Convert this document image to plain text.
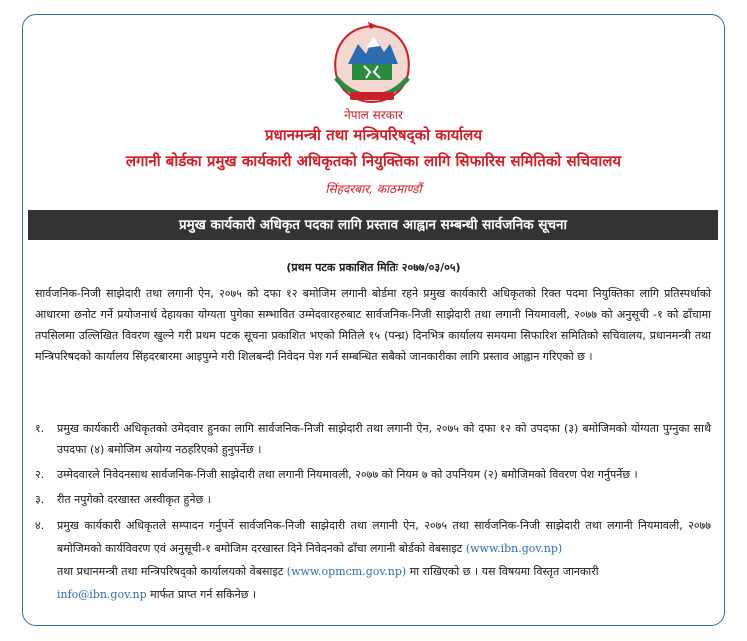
नेपाल सरकार
प्रधानमन्त्री तथा मन्त्रिपरिषद्को कार्यालय
लगानी बोर्डका प्रमुख कार्यकारी अधिकृतको नियुक्तिका लागि सिफारिस समितिको सचिवालय
सिंहदरबार, काठमाण्डौं
प्रमुख कार्यकारी अधिकृत पदका लागि प्रस्ताव आह्वान सम्बन्धी सार्वजनिक सूचना
(प्रथम पटक प्रकाशित मितिः २०७७/०३/०५)

सार्वजनिक-निजी साझेदारी तथा लगानी ऐन, २०७५ को दफा १२ बमोजिम लगानी बोर्डमा रहने प्रमुख कार्यकारी अधिकृतको रिक्त पदमा नियुक्तिका लागि प्रतिस्पर्धाको आधारमा छनोट गर्ने प्रयोजनार्थ देहायका योग्यता पुगेका सम्भावित उम्मेदवारहरुबाट सार्वजनिक-निजी साझेदारी तथा लगानी नियमावली, २०७७ को अनुसूची -१ को ढाँचामा तपसिलमा उल्लिखित विवरण खुल्ने गरी प्रथम पटक सूचना प्रकाशित भएको मितिले १५ (पन्ध्र) दिनभित्र कार्यालय समयमा सिफारिश समितिको सचिवालय, प्रधानमन्त्री तथा मन्त्रिपरिषदको कार्यालय सिंहदरबारमा आइपुग्ने गरी शिलबन्दी निवेदन पेश गर्न सम्बन्धित सबैको जानकारीका लागि प्रस्ताव आह्वान गरिएको छ ।

१. प्रमुख कार्यकारी अधिकृतको उमेदवार हुनका लागि सार्वजनिक-निजी साझेदारी तथा लगानी ऐन, २०७५ को दफा १२ को उपदफा (३) बमोजिमको योग्यता पुग्नुका साथै उपदफा (४) बमोजिम अयोग्य नठहरिएको हुनुपर्नेछ ।

२. उम्मेदवारले निवेदनसाथ सार्वजनिक-निजी साझेदारी तथा लगानी नियमावली, २०७७ को नियम ७ को उपनियम (२) बमोजिमको विवरण पेश गर्नुपर्नेछ ।

३. रीत नपुगेको दरखास्त अस्वीकृत हुनेछ ।

४. प्रमुख कार्यकारी अधिकृतले सम्पादन गर्नुपर्ने सार्वजनिक-निजी साझेदारी तथा लगानी ऐन, २०७५ तथा सार्वजनिक-निजी साझेदारी तथा लगानी नियमावली, २०७७ बमोजिमको कार्यविवरण एवं अनुसूची-१ बमोजिम दरखास्त दिने निवेदनको ढाँचा लगानी बोर्डको वेबसाइट (www.ibn.gov.np)
तथा प्रधानमन्त्री तथा मन्त्रिपरिषद्को कार्यालयको वेबसाइट (www.opmcm.gov.np) मा राखिएको छ । यस विषयमा विस्तृत जानकारी
info@ibn.gov.np मार्फत प्राप्त गर्न सकिनेछ ।
